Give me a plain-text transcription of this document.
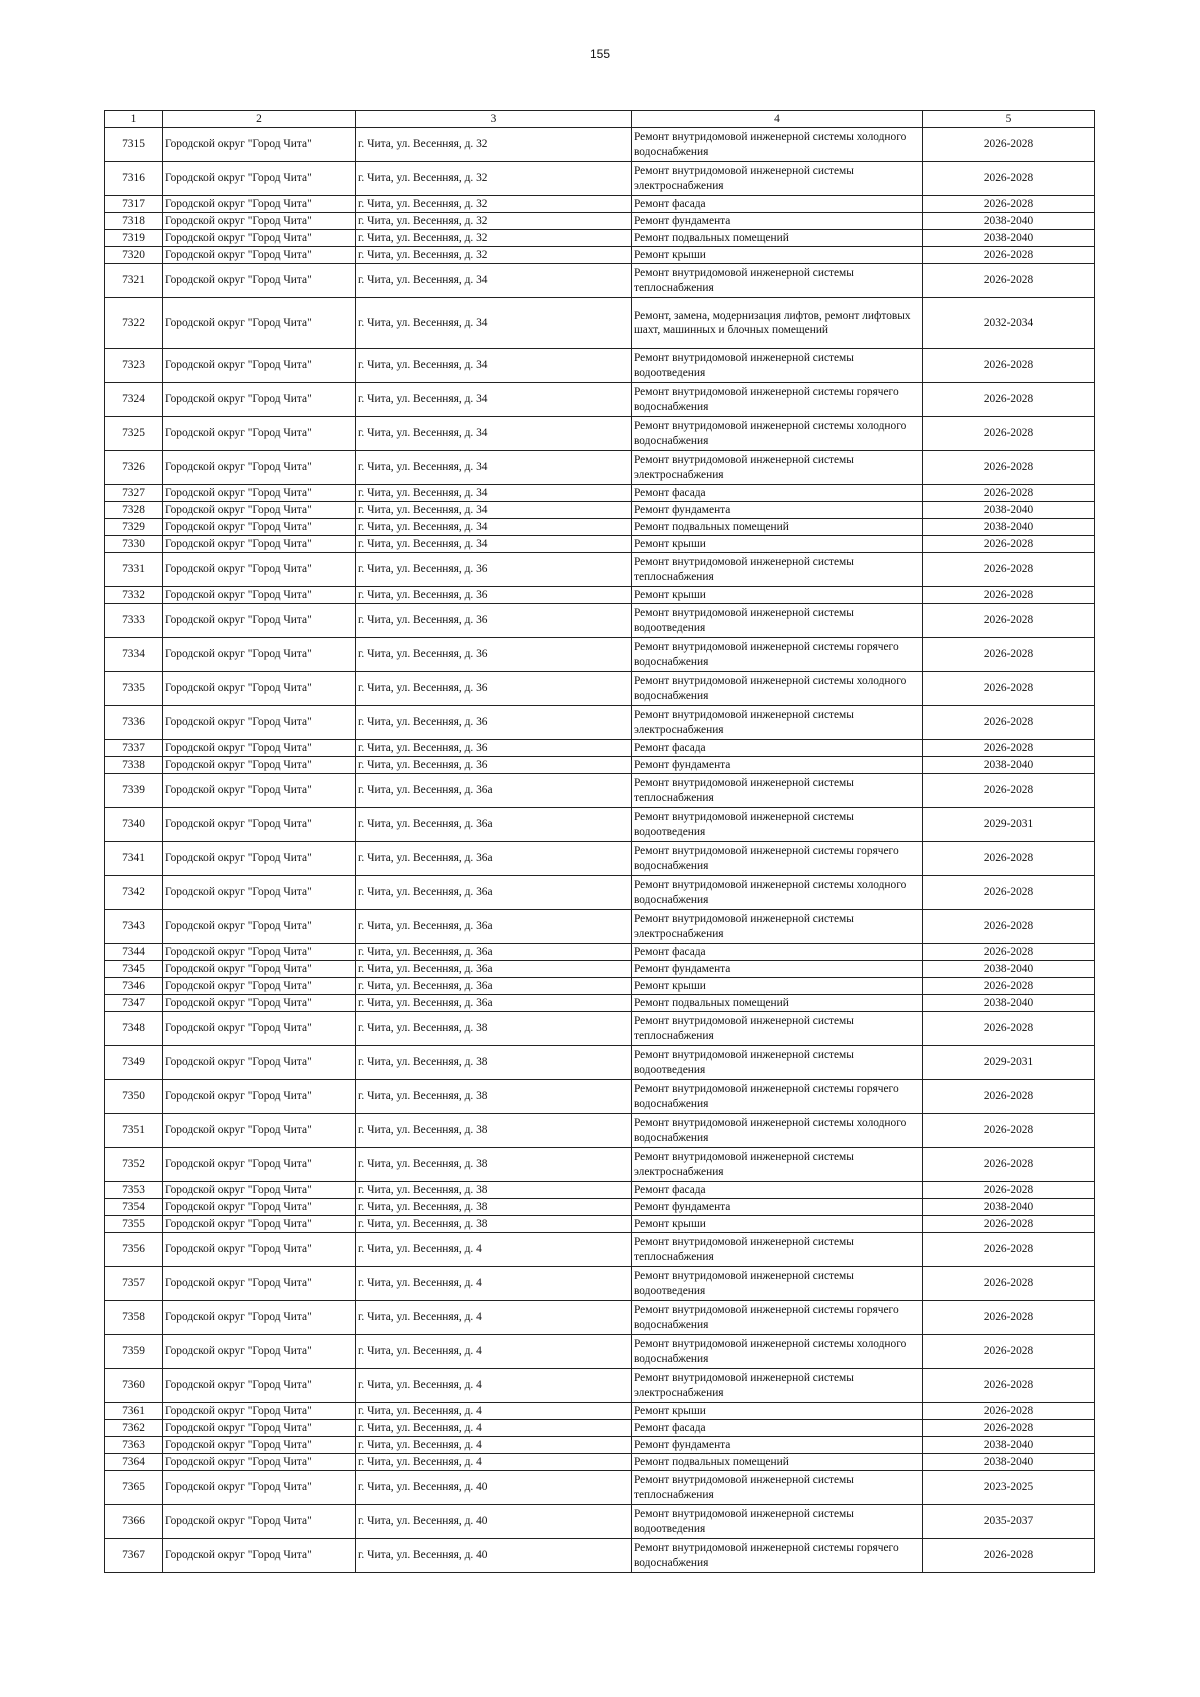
155
1	2	3	4	5
7315	Городской округ "Город Чита"	г. Чита, ул. Весенняя, д. 32	Ремонт внутридомовой инженерной системы холодного водоснабжения	2026-2028
7316	Городской округ "Город Чита"	г. Чита, ул. Весенняя, д. 32	Ремонт внутридомовой инженерной системы электроснабжения	2026-2028
7317	Городской округ "Город Чита"	г. Чита, ул. Весенняя, д. 32	Ремонт фасада	2026-2028
7318	Городской округ "Город Чита"	г. Чита, ул. Весенняя, д. 32	Ремонт фундамента	2038-2040
7319	Городской округ "Город Чита"	г. Чита, ул. Весенняя, д. 32	Ремонт подвальных помещений	2038-2040
7320	Городской округ "Город Чита"	г. Чита, ул. Весенняя, д. 32	Ремонт крыши	2026-2028
7321	Городской округ "Город Чита"	г. Чита, ул. Весенняя, д. 34	Ремонт внутридомовой инженерной системы теплоснабжения	2026-2028
7322	Городской округ "Город Чита"	г. Чита, ул. Весенняя, д. 34	Ремонт, замена, модернизация лифтов, ремонт лифтовых шахт, машинных и блочных помещений	2032-2034
7323	Городской округ "Город Чита"	г. Чита, ул. Весенняя, д. 34	Ремонт внутридомовой инженерной системы водоотведения	2026-2028
7324	Городской округ "Город Чита"	г. Чита, ул. Весенняя, д. 34	Ремонт внутридомовой инженерной системы горячего водоснабжения	2026-2028
7325	Городской округ "Город Чита"	г. Чита, ул. Весенняя, д. 34	Ремонт внутридомовой инженерной системы холодного водоснабжения	2026-2028
7326	Городской округ "Город Чита"	г. Чита, ул. Весенняя, д. 34	Ремонт внутридомовой инженерной системы электроснабжения	2026-2028
7327	Городской округ "Город Чита"	г. Чита, ул. Весенняя, д. 34	Ремонт фасада	2026-2028
7328	Городской округ "Город Чита"	г. Чита, ул. Весенняя, д. 34	Ремонт фундамента	2038-2040
7329	Городской округ "Город Чита"	г. Чита, ул. Весенняя, д. 34	Ремонт подвальных помещений	2038-2040
7330	Городской округ "Город Чита"	г. Чита, ул. Весенняя, д. 34	Ремонт крыши	2026-2028
7331	Городской округ "Город Чита"	г. Чита, ул. Весенняя, д. 36	Ремонт внутридомовой инженерной системы теплоснабжения	2026-2028
7332	Городской округ "Город Чита"	г. Чита, ул. Весенняя, д. 36	Ремонт крыши	2026-2028
7333	Городской округ "Город Чита"	г. Чита, ул. Весенняя, д. 36	Ремонт внутридомовой инженерной системы водоотведения	2026-2028
7334	Городской округ "Город Чита"	г. Чита, ул. Весенняя, д. 36	Ремонт внутридомовой инженерной системы горячего водоснабжения	2026-2028
7335	Городской округ "Город Чита"	г. Чита, ул. Весенняя, д. 36	Ремонт внутридомовой инженерной системы холодного водоснабжения	2026-2028
7336	Городской округ "Город Чита"	г. Чита, ул. Весенняя, д. 36	Ремонт внутридомовой инженерной системы электроснабжения	2026-2028
7337	Городской округ "Город Чита"	г. Чита, ул. Весенняя, д. 36	Ремонт фасада	2026-2028
7338	Городской округ "Город Чита"	г. Чита, ул. Весенняя, д. 36	Ремонт фундамента	2038-2040
7339	Городской округ "Город Чита"	г. Чита, ул. Весенняя, д. 36а	Ремонт внутридомовой инженерной системы теплоснабжения	2026-2028
7340	Городской округ "Город Чита"	г. Чита, ул. Весенняя, д. 36а	Ремонт внутридомовой инженерной системы водоотведения	2029-2031
7341	Городской округ "Город Чита"	г. Чита, ул. Весенняя, д. 36а	Ремонт внутридомовой инженерной системы горячего водоснабжения	2026-2028
7342	Городской округ "Город Чита"	г. Чита, ул. Весенняя, д. 36а	Ремонт внутридомовой инженерной системы холодного водоснабжения	2026-2028
7343	Городской округ "Город Чита"	г. Чита, ул. Весенняя, д. 36а	Ремонт внутридомовой инженерной системы электроснабжения	2026-2028
7344	Городской округ "Город Чита"	г. Чита, ул. Весенняя, д. 36а	Ремонт фасада	2026-2028
7345	Городской округ "Город Чита"	г. Чита, ул. Весенняя, д. 36а	Ремонт фундамента	2038-2040
7346	Городской округ "Город Чита"	г. Чита, ул. Весенняя, д. 36а	Ремонт крыши	2026-2028
7347	Городской округ "Город Чита"	г. Чита, ул. Весенняя, д. 36а	Ремонт подвальных помещений	2038-2040
7348	Городской округ "Город Чита"	г. Чита, ул. Весенняя, д. 38	Ремонт внутридомовой инженерной системы теплоснабжения	2026-2028
7349	Городской округ "Город Чита"	г. Чита, ул. Весенняя, д. 38	Ремонт внутридомовой инженерной системы водоотведения	2029-2031
7350	Городской округ "Город Чита"	г. Чита, ул. Весенняя, д. 38	Ремонт внутридомовой инженерной системы горячего водоснабжения	2026-2028
7351	Городской округ "Город Чита"	г. Чита, ул. Весенняя, д. 38	Ремонт внутридомовой инженерной системы холодного водоснабжения	2026-2028
7352	Городской округ "Город Чита"	г. Чита, ул. Весенняя, д. 38	Ремонт внутридомовой инженерной системы электроснабжения	2026-2028
7353	Городской округ "Город Чита"	г. Чита, ул. Весенняя, д. 38	Ремонт фасада	2026-2028
7354	Городской округ "Город Чита"	г. Чита, ул. Весенняя, д. 38	Ремонт фундамента	2038-2040
7355	Городской округ "Город Чита"	г. Чита, ул. Весенняя, д. 38	Ремонт крыши	2026-2028
7356	Городской округ "Город Чита"	г. Чита, ул. Весенняя, д. 4	Ремонт внутридомовой инженерной системы теплоснабжения	2026-2028
7357	Городской округ "Город Чита"	г. Чита, ул. Весенняя, д. 4	Ремонт внутридомовой инженерной системы водоотведения	2026-2028
7358	Городской округ "Город Чита"	г. Чита, ул. Весенняя, д. 4	Ремонт внутридомовой инженерной системы горячего водоснабжения	2026-2028
7359	Городской округ "Город Чита"	г. Чита, ул. Весенняя, д. 4	Ремонт внутридомовой инженерной системы холодного водоснабжения	2026-2028
7360	Городской округ "Город Чита"	г. Чита, ул. Весенняя, д. 4	Ремонт внутридомовой инженерной системы электроснабжения	2026-2028
7361	Городской округ "Город Чита"	г. Чита, ул. Весенняя, д. 4	Ремонт крыши	2026-2028
7362	Городской округ "Город Чита"	г. Чита, ул. Весенняя, д. 4	Ремонт фасада	2026-2028
7363	Городской округ "Город Чита"	г. Чита, ул. Весенняя, д. 4	Ремонт фундамента	2038-2040
7364	Городской округ "Город Чита"	г. Чита, ул. Весенняя, д. 4	Ремонт подвальных помещений	2038-2040
7365	Городской округ "Город Чита"	г. Чита, ул. Весенняя, д. 40	Ремонт внутридомовой инженерной системы теплоснабжения	2023-2025
7366	Городской округ "Город Чита"	г. Чита, ул. Весенняя, д. 40	Ремонт внутридомовой инженерной системы водоотведения	2035-2037
7367	Городской округ "Город Чита"	г. Чита, ул. Весенняя, д. 40	Ремонт внутридомовой инженерной системы горячего водоснабжения	2026-2028
